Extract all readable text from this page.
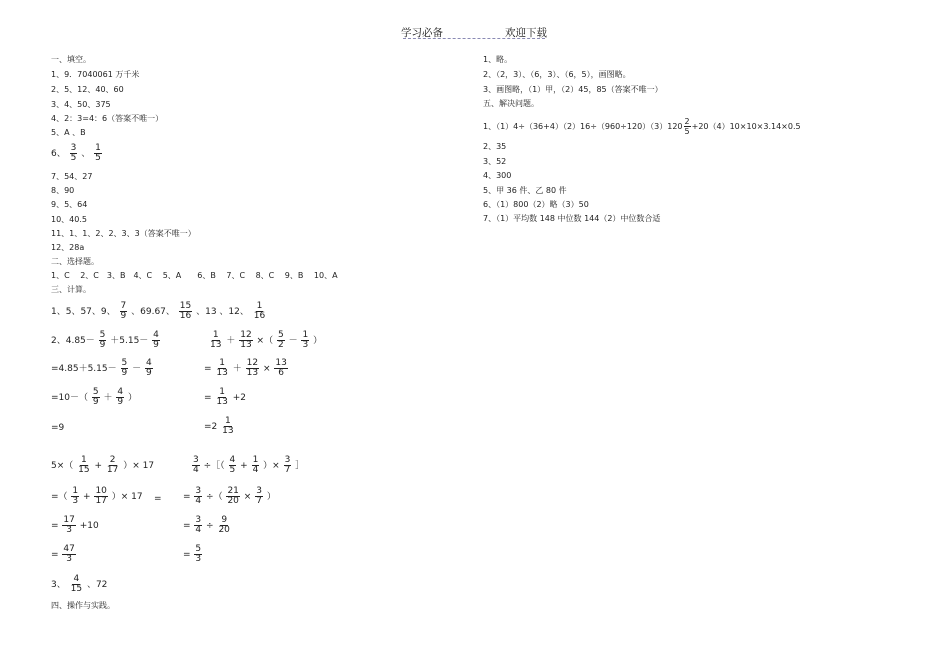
学习必备	欢迎下载
一、填空。
1、9．7040061 万千米
2、5、12、40、60
3、4、50、375
4、2：3=4：6（答案不唯一）
5、A 、B
6、 $\frac{3}{5}$ 、 $\frac{1}{5}$
7、54、27
8、90
9、5、64
10、40.5
11、1、1、2、2、3、3（答案不唯一）
12、28a
二、选择题。
1、C　 2、C　3、B　4、C　 5、A　　6、B　 7、C　 8、C　 9、B　 10、A
三、计算。
1、5、57、9、 $\frac{7}{9}$ 、69.67、 $\frac{15}{16}$ 、13 、12、 $\frac{1}{16}$
2、$4.85- \frac{5}{9} +5.15- \frac{4}{9}$
$=4.85+5.15- \frac{5}{9} - \frac{4}{9}$
$=10-( \frac{5}{9} + \frac{4}{9}$ ）
=9
$\frac{1}{13} + \frac{12}{13}$ ×（ $\frac{5}{2} - \frac{1}{3}$ ）
= $\frac{1}{13} + \frac{12}{13} \times \frac{13}{6}$
= $\frac{1}{13} +2$
$=2 \frac{1}{13}$
$5\times( \frac{1}{15} + \frac{2}{17}$ ）× 17
=（ $\frac{1}{3} + \frac{10}{17}$ ）× 17 =
= $\frac{17}{3} +10$
= $\frac{47}{3}$
$\frac{3}{4}$ ÷［（ $\frac{4}{5} + \frac{1}{4}$ ）× $\frac{3}{7}$ ］
= $\frac{3}{4}$ ÷（ $\frac{21}{20} \times \frac{3}{7}$ ）
= $\frac{3}{4} \div \frac{9}{20}$
= $\frac{5}{3}$
3、 $\frac{4}{15}$ 、72
四、操作与实践。
1、略。
2、（2，3）、（6，3）、（6，5），画图略。
3、画图略，（1）甲，（2）45，85（答案不唯一）
五、解决问题。
1、$(1)4\div(36+4)(2)16\div(960\div 120)(3)120 \frac{2}{5} +20(4)10\times 10\times 3.14\times 0.5$
2、35
3、52
4、300
5、甲 36 件、乙 80 件
6、（1）800（2）略（3）50
7、（1）平均数 148 中位数 144（2）中位数合适
